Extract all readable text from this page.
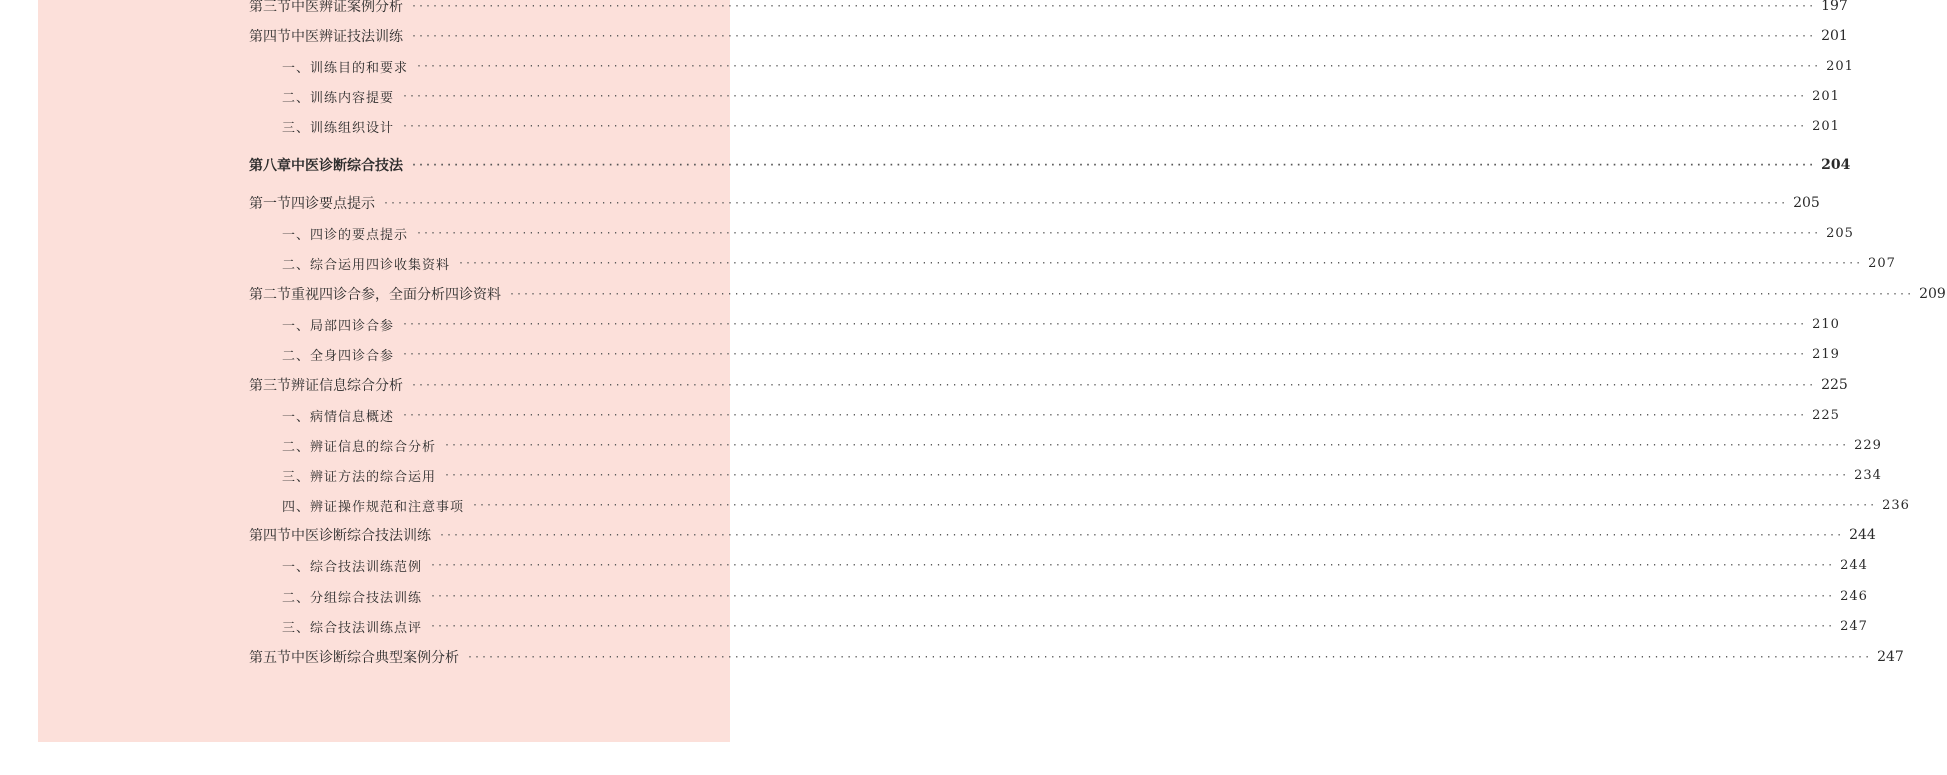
第三节 中医辨证案例分析 ········································································································································································································ 197
第四节 中医辨证技法训练 ········································································································································································································ 201
一、训练目的和要求 ········································································································································································································ 201
二、训练内容提要 ········································································································································································································ 201
三、训练组织设计 ········································································································································································································ 201
第八章 中医诊断综合技法 ········································································································································································································ 204
第一节 四诊要点提示 ········································································································································································································ 205
一、四诊的要点提示 ········································································································································································································ 205
二、综合运用四诊收集资料 ········································································································································································································ 207
第二节 重视四诊合参，全面分析四诊资料 ········································································································································································································ 209
一、局部四诊合参 ········································································································································································································ 210
二、全身四诊合参 ········································································································································································································ 219
第三节 辨证信息综合分析 ········································································································································································································ 225
一、病情信息概述 ········································································································································································································ 225
二、辨证信息的综合分析 ········································································································································································································ 229
三、辨证方法的综合运用 ········································································································································································································ 234
四、辨证操作规范和注意事项 ········································································································································································································ 236
第四节 中医诊断综合技法训练 ········································································································································································································ 244
一、综合技法训练范例 ········································································································································································································ 244
二、分组综合技法训练 ········································································································································································································ 246
三、综合技法训练点评 ········································································································································································································ 247
第五节 中医诊断综合典型案例分析 ········································································································································································································ 247
